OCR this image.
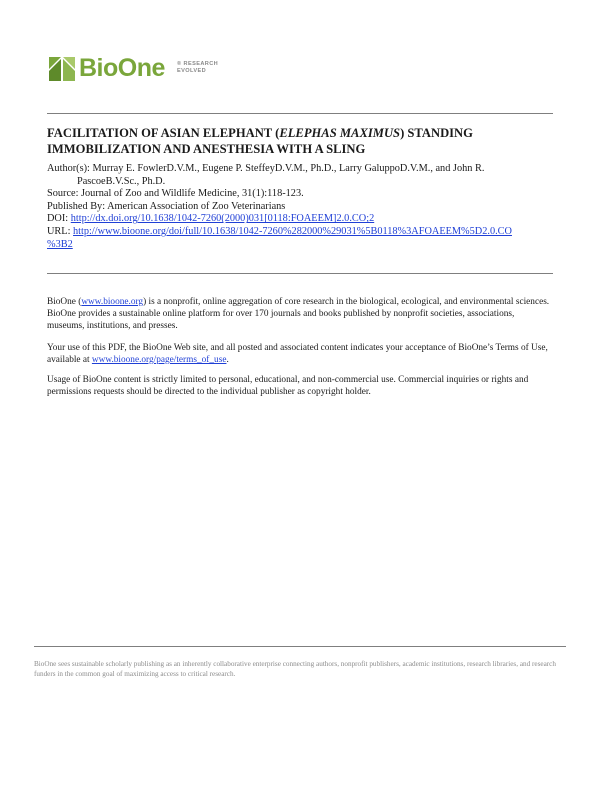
BioOne ® RESEARCH
EVOLVED
FACILITATION OF ASIAN ELEPHANT (ELEPHAS MAXIMUS) STANDING IMMOBILIZATION AND ANESTHESIA WITH A SLING
Author(s): Murray E. FowlerD.V.M., Eugene P. SteffeyD.V.M., Ph.D., Larry GaluppoD.V.M., and John R.
PascoeB.V.Sc., Ph.D.
Source: Journal of Zoo and Wildlife Medicine, 31(1):118-123.
Published By: American Association of Zoo Veterinarians
DOI: http://dx.doi.org/10.1638/1042-7260(2000)031[0118:FOAEEM]2.0.CO;2
URL: http://www.bioone.org/doi/full/10.1638/1042-7260%282000%29031%5B0118%3AFOAEEM%5D2.0.CO
%3B2

BioOne (www.bioone.org) is a nonprofit, online aggregation of core research in the biological, ecological, and environmental sciences. BioOne provides a sustainable online platform for over 170 journals and books published by nonprofit societies, associations, museums, institutions, and presses.

Your use of this PDF, the BioOne Web site, and all posted and associated content indicates your acceptance of BioOne’s Terms of Use, available at www.bioone.org/page/terms_of_use.

Usage of BioOne content is strictly limited to personal, educational, and non-commercial use. Commercial inquiries or rights and permissions requests should be directed to the individual publisher as copyright holder.

BioOne sees sustainable scholarly publishing as an inherently collaborative enterprise connecting authors, nonprofit publishers, academic institutions, research libraries, and research funders in the common goal of maximizing access to critical research.
